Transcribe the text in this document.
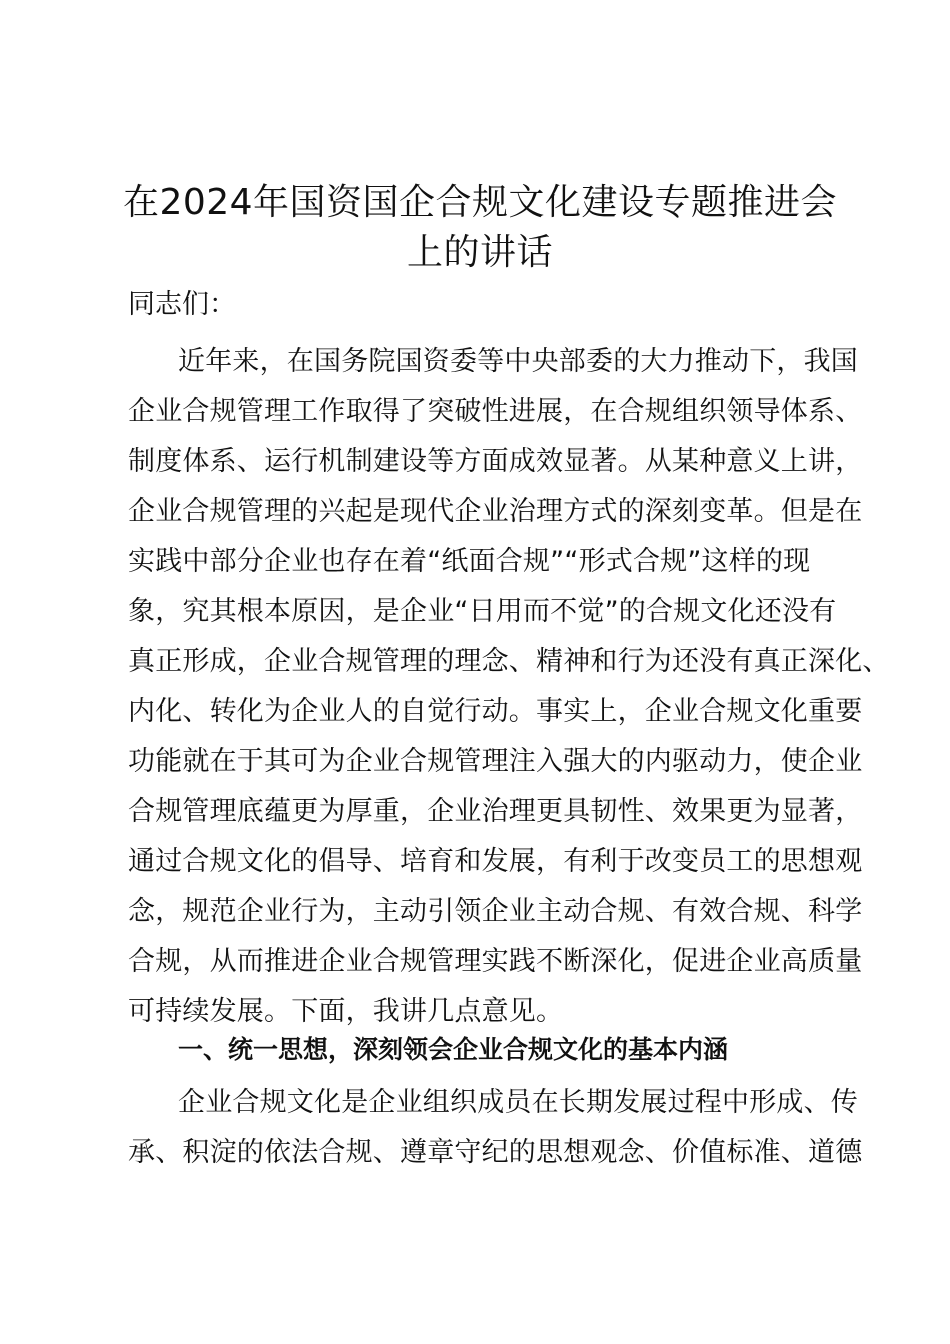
在2024年国资国企合规文化建设专题推进会
上的讲话

同志们：

近年来，在国务院国资委等中央部委的大力推动下，我国
企业合规管理工作取得了突破性进展，在合规组织领导体系、
制度体系、运行机制建设等方面成效显著。从某种意义上讲，
企业合规管理的兴起是现代企业治理方式的深刻变革。但是在
实践中部分企业也存在着“纸面合规”“形式合规”这样的现
象，究其根本原因，是企业“日用而不觉”的合规文化还没有
真正形成，企业合规管理的理念、精神和行为还没有真正深化、
内化、转化为企业人的自觉行动。事实上，企业合规文化重要
功能就在于其可为企业合规管理注入强大的内驱动力，使企业
合规管理底蕴更为厚重，企业治理更具韧性、效果更为显著，
通过合规文化的倡导、培育和发展，有利于改变员工的思想观
念，规范企业行为，主动引领企业主动合规、有效合规、科学
合规，从而推进企业合规管理实践不断深化，促进企业高质量
可持续发展。下面，我讲几点意见。
一、统一思想，深刻领会企业合规文化的基本内涵
企业合规文化是企业组织成员在长期发展过程中形成、传
承、积淀的依法合规、遵章守纪的思想观念、价值标准、道德
